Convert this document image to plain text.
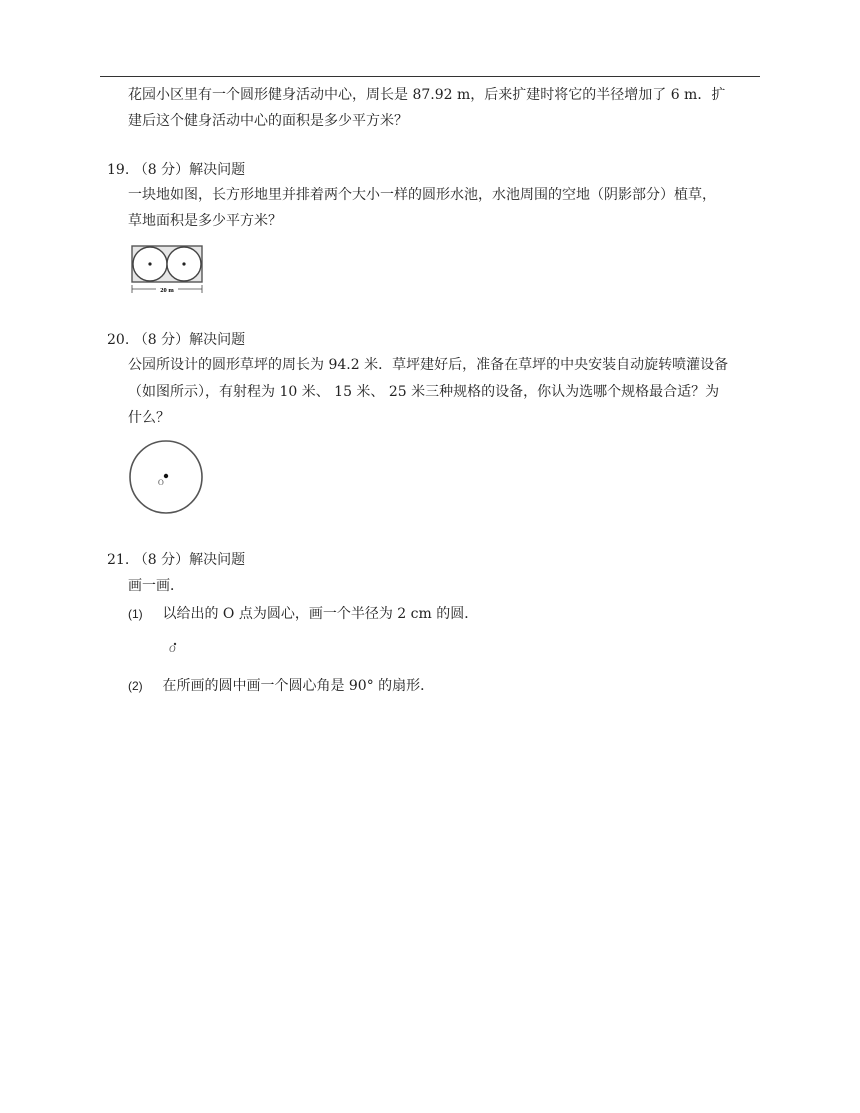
花园小区里有一个圆形健身活动中心，周长是 87.92 m，后来扩建时将它的半径增加了 6 m．扩
建后这个健身活动中心的面积是多少平方米？
19. （8 分）解决问题
一块地如图，长方形地里并排着两个大小一样的圆形水池，水池周围的空地（阴影部分）植草，
草地面积是多少平方米？
20 m
20. （8 分）解决问题
公园所设计的圆形草坪的周长为 94.2 米．草坪建好后，准备在草坪的中央安装自动旋转喷灌设备
（如图所示），有射程为 10 米、 15 米、 25 米三种规格的设备，你认为选哪个规格最合适？为
什么？
O
21. （8 分）解决问题
画一画．
(1) 以给出的 O 点为圆心，画一个半径为 2 cm 的圆．
O
(2) 在所画的圆中画一个圆心角是 90° 的扇形．
